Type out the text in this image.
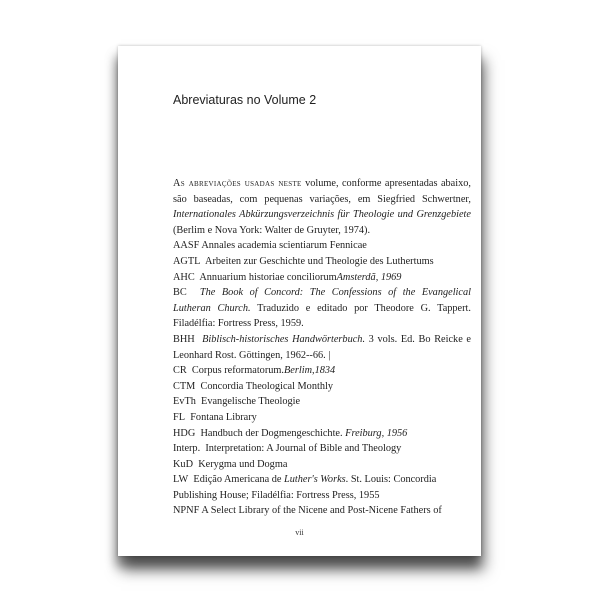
Abreviaturas no Volume 2

As abreviações usadas neste volume, conforme apresentadas abaixo, são baseadas, com pequenas variações, em Siegfried Schwertner, Internationales Abkürzungsverzeichnis für Theologie und Grenzgebiete (Berlim e Nova York: Walter de Gruyter, 1974).

AASF Annales academia scientiarum Fennicae
AGTL Arbeiten zur Geschichte und Theologie des Luthertums
AHC Annuarium historiae conciliorumAmsterdã, 1969
BC The Book of Concord: The Confessions of the Evangelical Lutheran Church. Traduzido e editado por Theodore G. Tappert. Filadélfia: Fortress Press, 1959.
BHH Biblisch-historisches Handwörterbuch. 3 vols. Ed. Bo Reicke e Leonhard Rost. Göttingen, 1962--66. |
CR Corpus reformatorum.Berlim,1834
CTM Concordia Theological Monthly
EvTh Evangelische Theologie
FL Fontana Library
HDG Handbuch der Dogmengeschichte. Freiburg, 1956
Interp. Interpretation: A Journal of Bible and Theology
KuD Kerygma und Dogma
LW Edição Americana de Luther's Works. St. Louis: Concordia Publishing House; Filadélfia: Fortress Press, 1955
NPNF A Select Library of the Nicene and Post-Nicene Fathers of
vii
